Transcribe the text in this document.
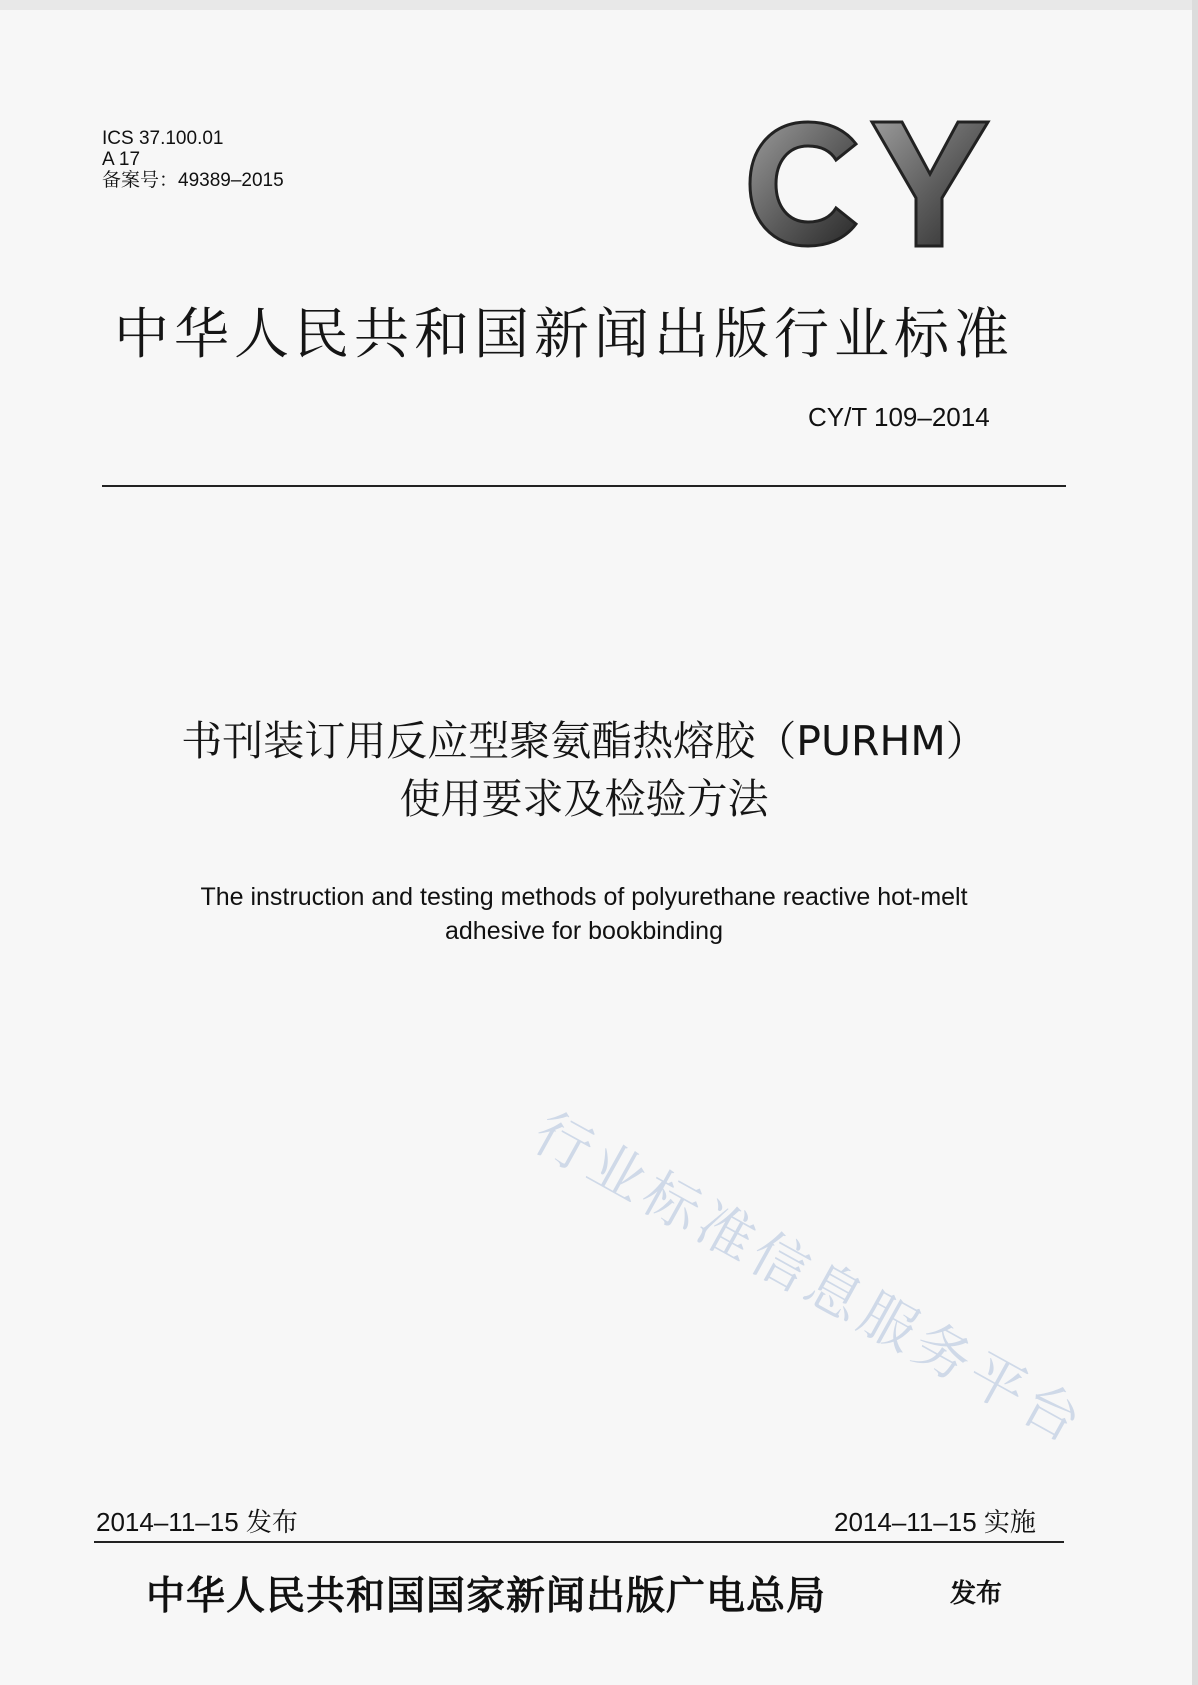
ICS 37.100.01
A 17
备案号：49389–2015
中华人民共和国新闻出版行业标准
CY/T 109–2014
书刊装订用反应型聚氨酯热熔胶（PURHM）
使用要求及检验方法
The instruction and testing methods of polyurethane reactive hot-melt
adhesive for bookbinding
行业标准信息服务平台
2014–11–15 发布	2014–11–15 实施
中华人民共和国国家新闻出版广电总局	发布
